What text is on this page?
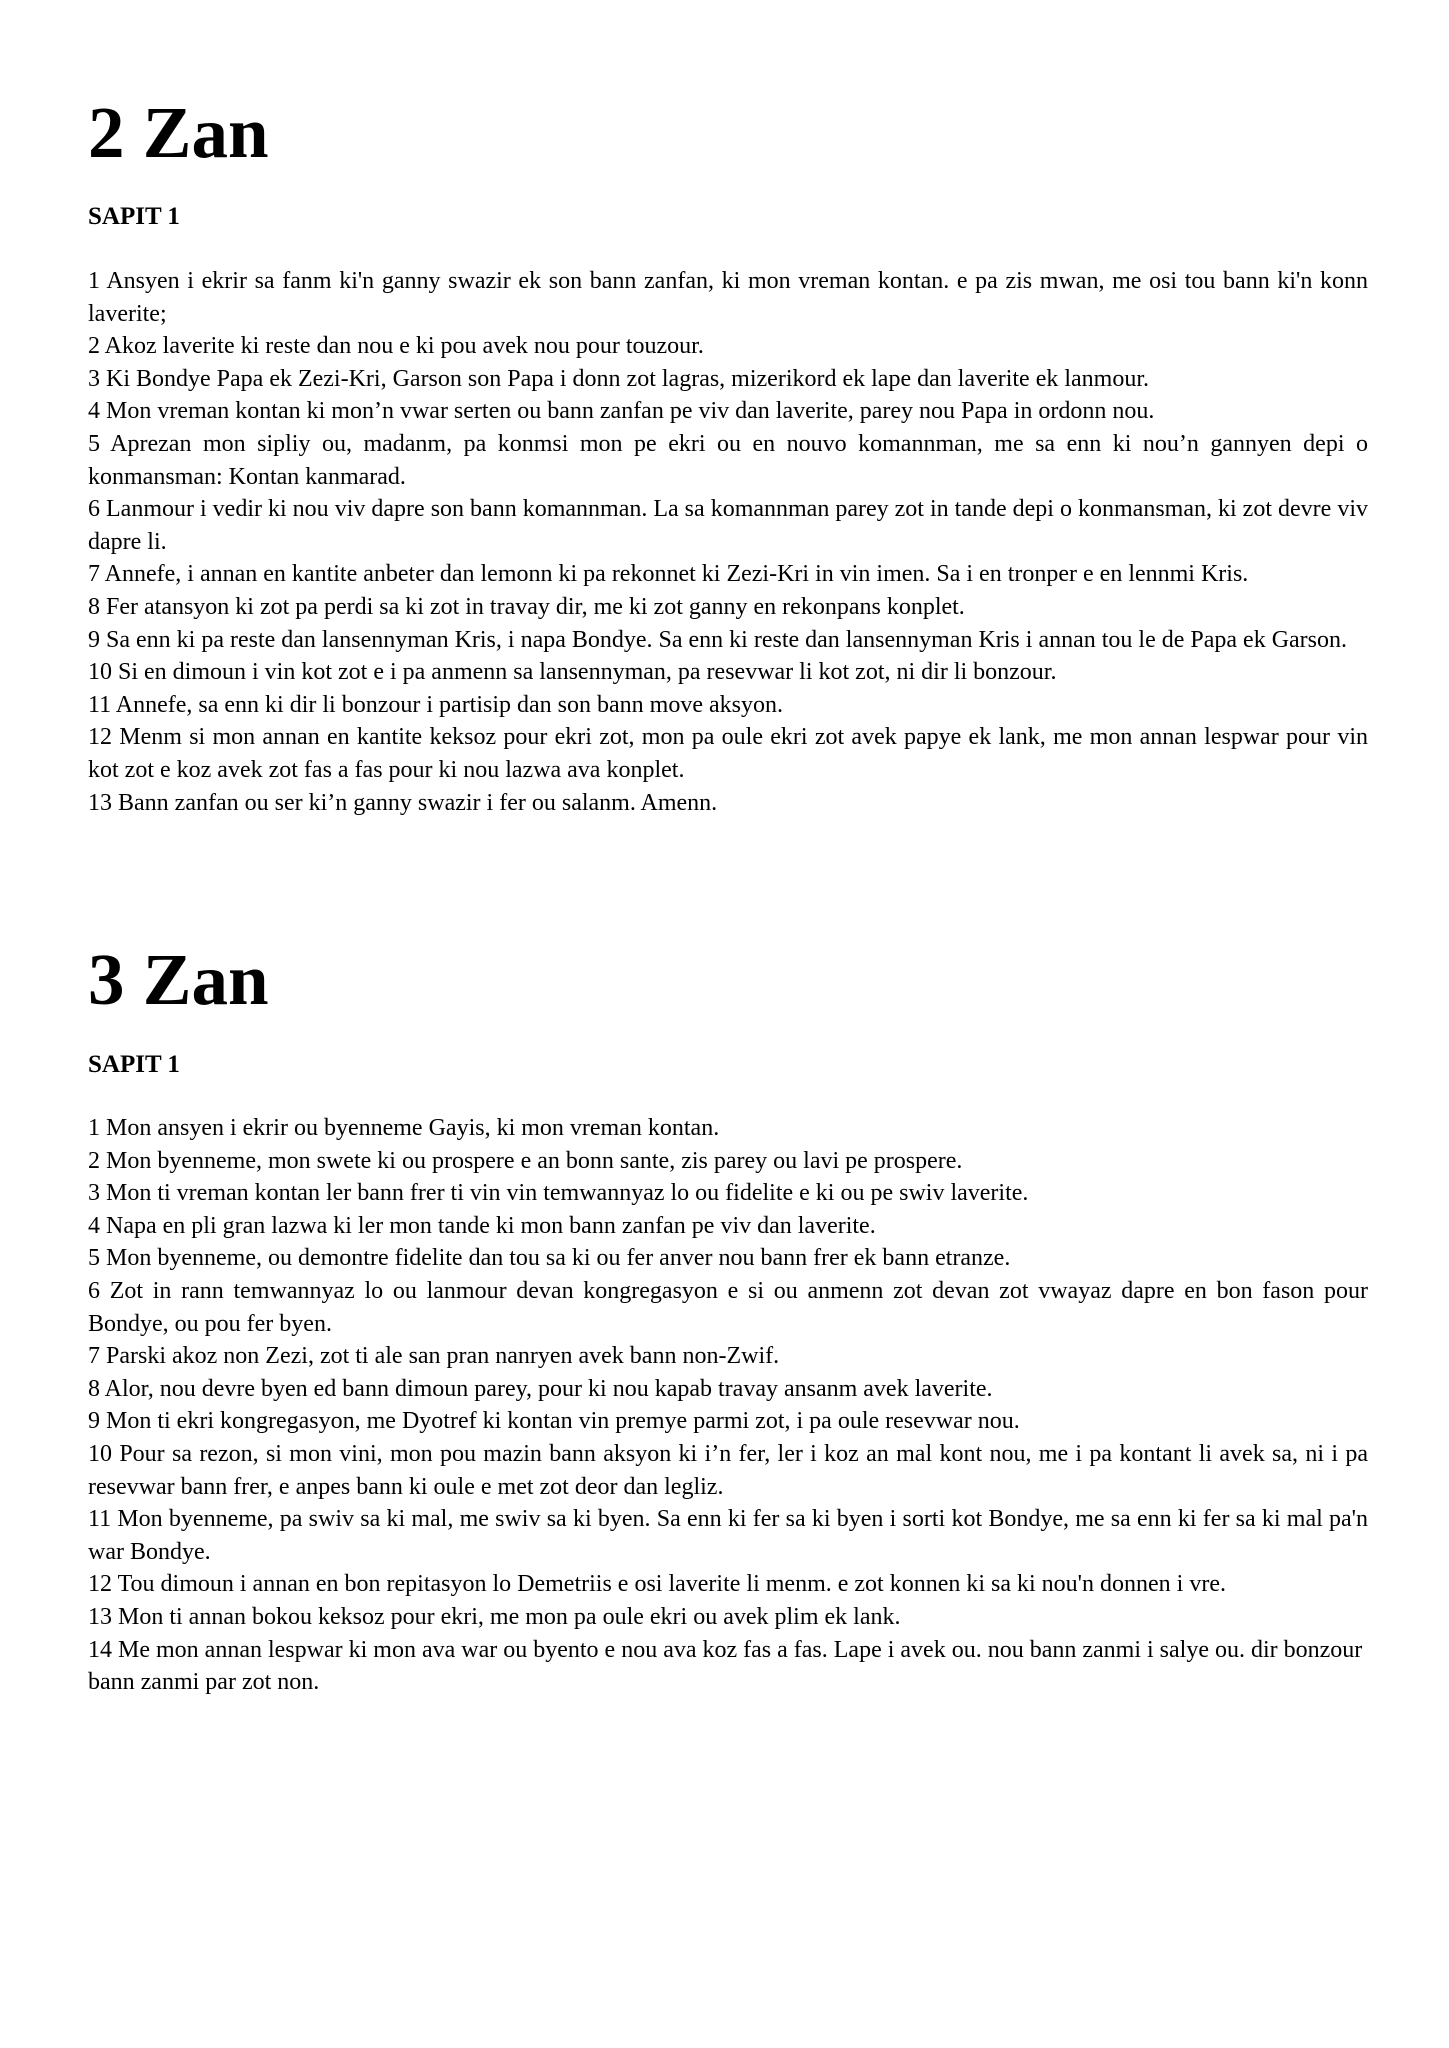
2 Zan
SAPIT 1

1 Ansyen i ekrir sa fanm ki'n ganny swazir ek son bann zanfan, ki mon vreman kontan. e pa zis mwan, me osi tou bann ki'n konn laverite;

2 Akoz laverite ki reste dan nou e ki pou avek nou pour touzour.

3 Ki Bondye Papa ek Zezi-Kri, Garson son Papa i donn zot lagras, mizerikord ek lape dan laverite ek lanmour.

4 Mon vreman kontan ki mon’n vwar serten ou bann zanfan pe viv dan laverite, parey nou Papa in ordonn nou.

5 Aprezan mon sipliy ou, madanm, pa konmsi mon pe ekri ou en nouvo komannman, me sa enn ki nou’n gannyen depi o konmansman: Kontan kanmarad.

6 Lanmour i vedir ki nou viv dapre son bann komannman. La sa komannman parey zot in tande depi o konmansman, ki zot devre viv dapre li.

7 Annefe, i annan en kantite anbeter dan lemonn ki pa rekonnet ki Zezi-Kri in vin imen. Sa i en tronper e en lennmi Kris.

8 Fer atansyon ki zot pa perdi sa ki zot in travay dir, me ki zot ganny en rekonpans konplet.

9 Sa enn ki pa reste dan lansennyman Kris, i napa Bondye. Sa enn ki reste dan lansennyman Kris i annan tou le de Papa ek Garson.

10 Si en dimoun i vin kot zot e i pa anmenn sa lansennyman, pa resevwar li kot zot, ni dir li bonzour.

11 Annefe, sa enn ki dir li bonzour i partisip dan son bann move aksyon.

12 Menm si mon annan en kantite keksoz pour ekri zot, mon pa oule ekri zot avek papye ek lank, me mon annan lespwar pour vin kot zot e koz avek zot fas a fas pour ki nou lazwa ava konplet.

13 Bann zanfan ou ser ki’n ganny swazir i fer ou salanm. Amenn.

3 Zan
SAPIT 1

1 Mon ansyen i ekrir ou byenneme Gayis, ki mon vreman kontan.

2 Mon byenneme, mon swete ki ou prospere e an bonn sante, zis parey ou lavi pe prospere.

3 Mon ti vreman kontan ler bann frer ti vin vin temwannyaz lo ou fidelite e ki ou pe swiv laverite.

4 Napa en pli gran lazwa ki ler mon tande ki mon bann zanfan pe viv dan laverite.

5 Mon byenneme, ou demontre fidelite dan tou sa ki ou fer anver nou bann frer ek bann etranze.

6 Zot in rann temwannyaz lo ou lanmour devan kongregasyon e si ou anmenn zot devan zot vwayaz dapre en bon fason pour Bondye, ou pou fer byen.

7 Parski akoz non Zezi, zot ti ale san pran nanryen avek bann non-Zwif.

8 Alor, nou devre byen ed bann dimoun parey, pour ki nou kapab travay ansanm avek laverite.

9 Mon ti ekri kongregasyon, me Dyotref ki kontan vin premye parmi zot, i pa oule resevwar nou.

10 Pour sa rezon, si mon vini, mon pou mazin bann aksyon ki i’n fer, ler i koz an mal kont nou, me i pa kontant li avek sa, ni i pa resevwar bann frer, e anpes bann ki oule e met zot deor dan legliz.

11 Mon byenneme, pa swiv sa ki mal, me swiv sa ki byen. Sa enn ki fer sa ki byen i sorti kot Bondye, me sa enn ki fer sa ki mal pa'n war Bondye.

12 Tou dimoun i annan en bon repitasyon lo Demetriis e osi laverite li menm. e zot konnen ki sa ki nou'n donnen i vre.

13 Mon ti annan bokou keksoz pour ekri, me mon pa oule ekri ou avek plim ek lank.

14 Me mon annan lespwar ki mon ava war ou byento e nou ava koz fas a fas. Lape i avek ou. nou bann zanmi i salye ou. dir bonzour bann zanmi par zot non.
